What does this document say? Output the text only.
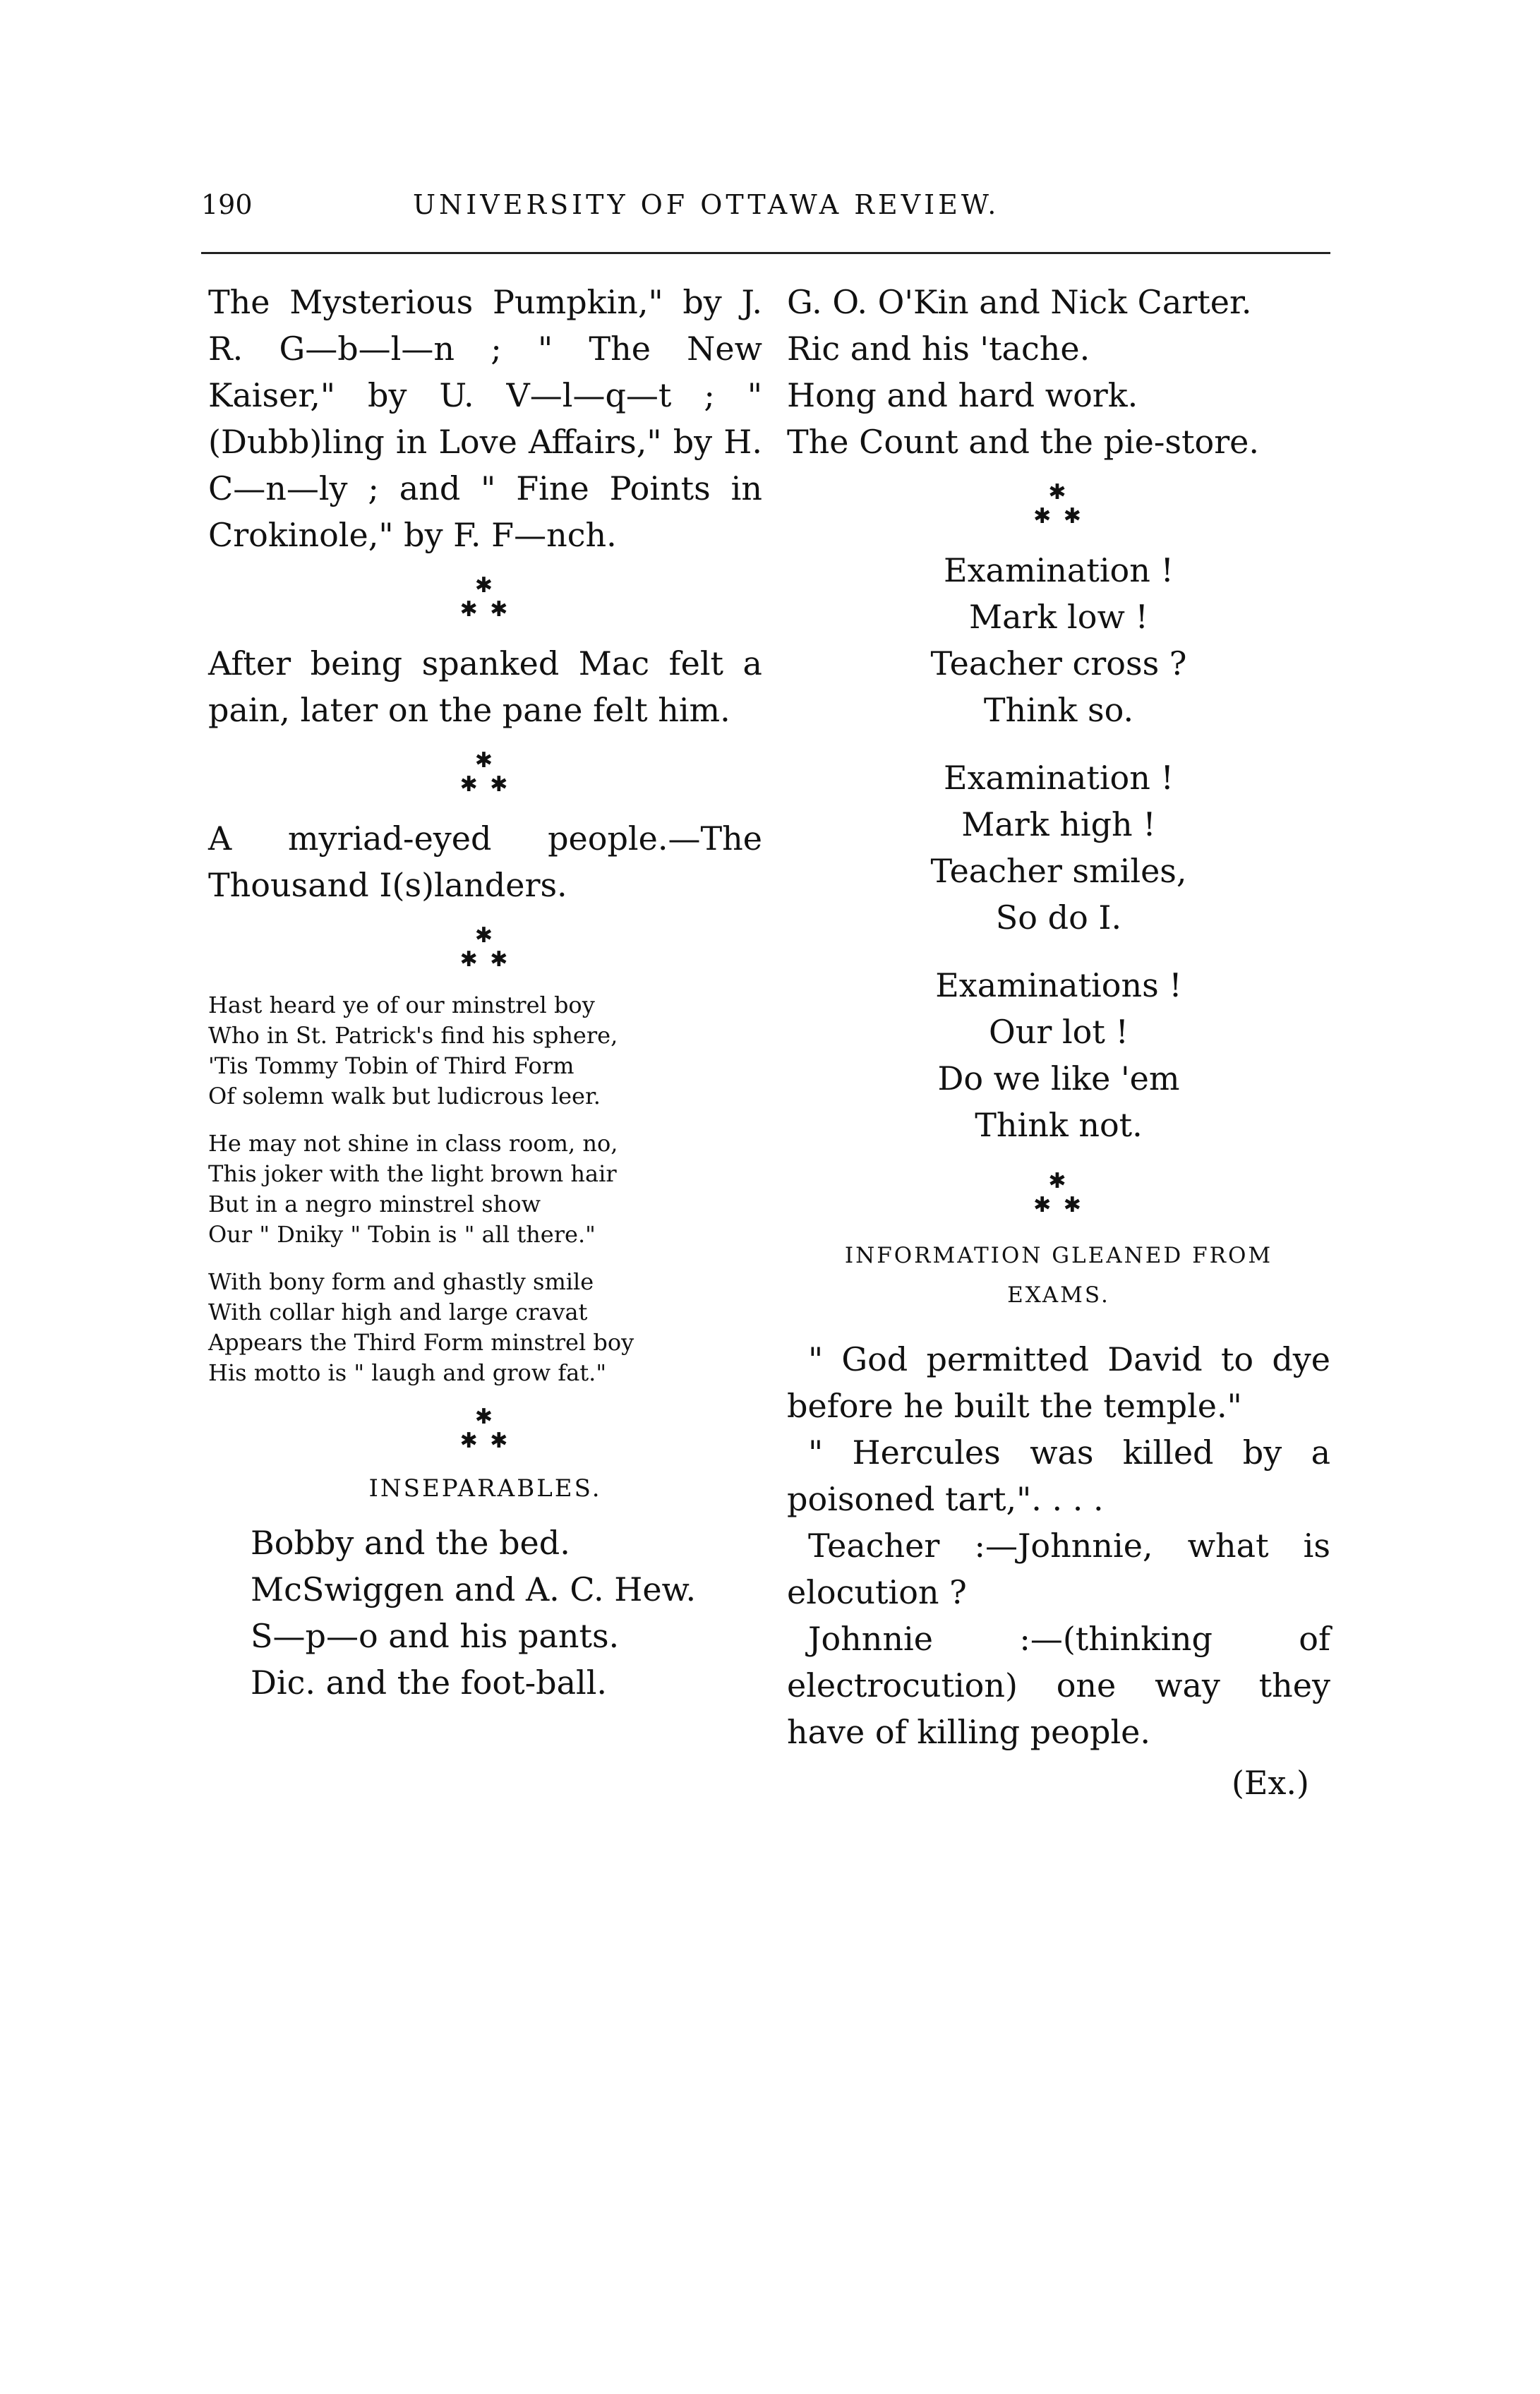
190	UNIVERSITY OF OTTAWA REVIEW.

The Mysterious Pumpkin," by J. R. G—b—l—n ; " The New Kaiser," by U. V—l—q—t ; "(Dubb)ling in Love Affairs," by H. C—n—ly ; and " Fine Points in Crokinole," by F. F—nch.

✱
✱ ✱

After being spanked Mac felt a pain, later on the pane felt him.

✱
✱ ✱

A myriad-eyed people.—The Thousand I(s)landers.

✱
✱ ✱
Hast heard ye of our minstrel boy
Who in St. Patrick's find his sphere,
'Tis Tommy Tobin of Third Form
Of solemn walk but ludicrous leer.
He may not shine in class room, no,
This joker with the light brown hair
But in a negro minstrel show
Our " Dniky " Tobin is " all there."
With bony form and ghastly smile
With collar high and large cravat
Appears the Third Form minstrel boy
His motto is " laugh and grow fat."
✱
✱ ✱
INSEPARABLES.
Bobby and the bed.
McSwiggen and A. C. Hew.
S—p—o and his pants.
Dic. and the foot-ball.
G. O. O'Kin and Nick Carter.
Ric and his 'tache.
Hong and hard work.
The Count and the pie-store.
✱
✱ ✱
Examination !
Mark low !
Teacher cross ?
Think so.
Examination !
Mark high !
Teacher smiles,
So do I.
Examinations !
Our lot !
Do we like 'em
Think not.
✱
✱ ✱
INFORMATION GLEANED FROM
EXAMS.

" God permitted David to dye before he built the temple."

" Hercules was killed by a poisoned tart,". . . .

Teacher :—Johnnie, what is elocution ?

Johnnie :—(thinking of electrocution) one way they have of killing people.

(Ex.)
